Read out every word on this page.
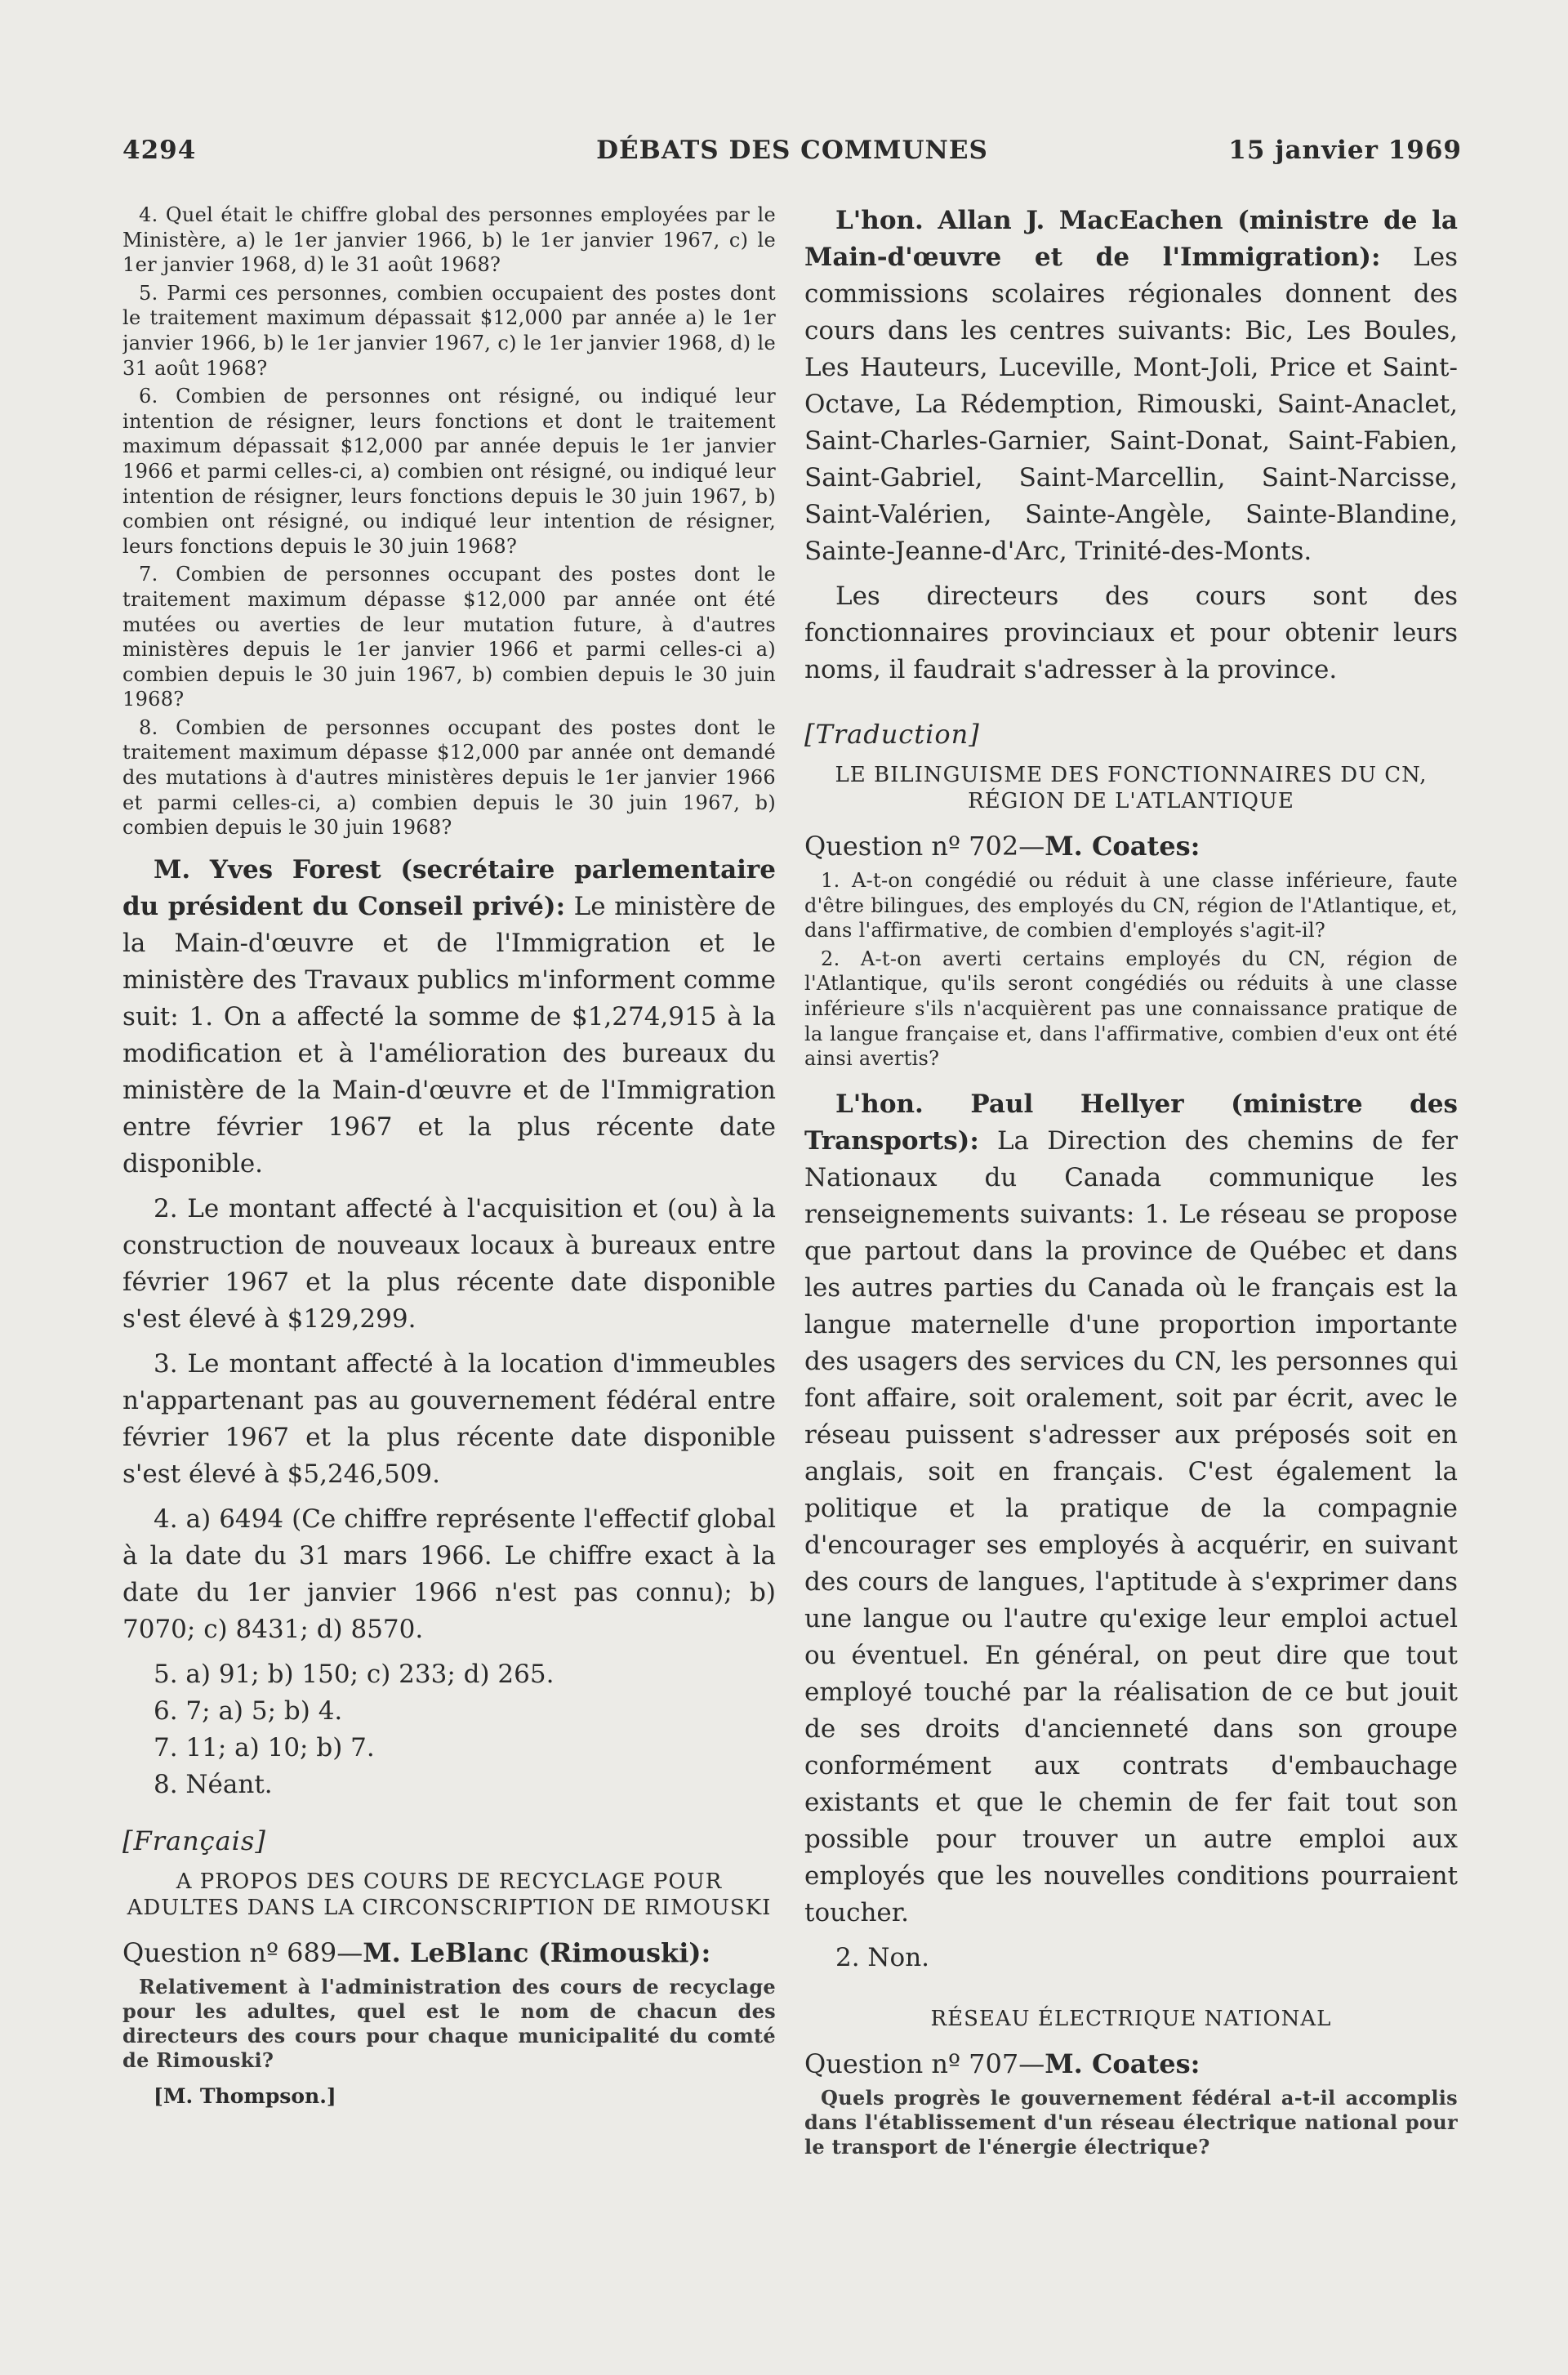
4294	DÉBATS DES COMMUNES	15 janvier 1969

4. Quel était le chiffre global des personnes employées par le Ministère, a) le 1er janvier 1966, b) le 1er janvier 1967, c) le 1er janvier 1968, d) le 31 août 1968?

5. Parmi ces personnes, combien occupaient des postes dont le traitement maximum dépassait $12,000 par année a) le 1er janvier 1966, b) le 1er janvier 1967, c) le 1er janvier 1968, d) le 31 août 1968?

6. Combien de personnes ont résigné, ou indiqué leur intention de résigner, leurs fonctions et dont le traitement maximum dépassait $12,000 par année depuis le 1er janvier 1966 et parmi celles-ci, a) combien ont résigné, ou indiqué leur intention de résigner, leurs fonctions depuis le 30 juin 1967, b) combien ont résigné, ou indiqué leur intention de résigner, leurs fonctions depuis le 30 juin 1968?

7. Combien de personnes occupant des postes dont le traitement maximum dépasse $12,000 par année ont été mutées ou averties de leur mutation future, à d'autres ministères depuis le 1er janvier 1966 et parmi celles-ci a) combien depuis le 30 juin 1967, b) combien depuis le 30 juin 1968?

8. Combien de personnes occupant des postes dont le traitement maximum dépasse $12,000 par année ont demandé des mutations à d'autres ministères depuis le 1er janvier 1966 et parmi celles-ci, a) combien depuis le 30 juin 1967, b) combien depuis le 30 juin 1968?

M. Yves Forest (secrétaire parlementaire du président du Conseil privé): Le ministère de la Main-d'œuvre et de l'Immigration et le ministère des Travaux publics m'informent comme suit: 1. On a affecté la somme de $1,274,915 à la modification et à l'amélioration des bureaux du ministère de la Main-d'œuvre et de l'Immigration entre février 1967 et la plus récente date disponible.

2. Le montant affecté à l'acquisition et (ou) à la construction de nouveaux locaux à bureaux entre février 1967 et la plus récente date disponible s'est élevé à $129,299.

3. Le montant affecté à la location d'immeubles n'appartenant pas au gouvernement fédéral entre février 1967 et la plus récente date disponible s'est élevé à $5,246,509.

4. a) 6494 (Ce chiffre représente l'effectif global à la date du 31 mars 1966. Le chiffre exact à la date du 1er janvier 1966 n'est pas connu); b) 7070; c) 8431; d) 8570.

5. a) 91; b) 150; c) 233; d) 265.

6. 7; a) 5; b) 4.

7. 11; a) 10; b) 7.

8. Néant.

[Français]

A PROPOS DES COURS DE RECYCLAGE POUR ADULTES DANS LA CIRCONSCRIPTION DE RIMOUSKI

Question nº 689—M. LeBlanc (Rimouski):

Relativement à l'administration des cours de recyclage pour les adultes, quel est le nom de chacun des directeurs des cours pour chaque municipalité du comté de Rimouski?

[M. Thompson.]

L'hon. Allan J. MacEachen (ministre de la Main-d'œuvre et de l'Immigration): Les commissions scolaires régionales donnent des cours dans les centres suivants: Bic, Les Boules, Les Hauteurs, Luceville, Mont-Joli, Price et Saint-Octave, La Rédemption, Rimouski, Saint-Anaclet, Saint-Charles-Garnier, Saint-Donat, Saint-Fabien, Saint-Gabriel, Saint-Marcellin, Saint-Narcisse, Saint-Valérien, Sainte-Angèle, Sainte-Blandine, Sainte-Jeanne-d'Arc, Trinité-des-Monts.

Les directeurs des cours sont des fonctionnaires provinciaux et pour obtenir leurs noms, il faudrait s'adresser à la province.

[Traduction]

LE BILINGUISME DES FONCTIONNAIRES DU CN, RÉGION DE L'ATLANTIQUE

Question nº 702—M. Coates:

1. A-t-on congédié ou réduit à une classe inférieure, faute d'être bilingues, des employés du CN, région de l'Atlantique, et, dans l'affirmative, de combien d'employés s'agit-il?

2. A-t-on averti certains employés du CN, région de l'Atlantique, qu'ils seront congédiés ou réduits à une classe inférieure s'ils n'acquièrent pas une connaissance pratique de la langue française et, dans l'affirmative, combien d'eux ont été ainsi avertis?

L'hon. Paul Hellyer (ministre des Transports): La Direction des chemins de fer Nationaux du Canada communique les renseignements suivants: 1. Le réseau se propose que partout dans la province de Québec et dans les autres parties du Canada où le français est la langue maternelle d'une proportion importante des usagers des services du CN, les personnes qui font affaire, soit oralement, soit par écrit, avec le réseau puissent s'adresser aux préposés soit en anglais, soit en français. C'est également la politique et la pratique de la compagnie d'encourager ses employés à acquérir, en suivant des cours de langues, l'aptitude à s'exprimer dans une langue ou l'autre qu'exige leur emploi actuel ou éventuel. En général, on peut dire que tout employé touché par la réalisation de ce but jouit de ses droits d'ancienneté dans son groupe conformément aux contrats d'embauchage existants et que le chemin de fer fait tout son possible pour trouver un autre emploi aux employés que les nouvelles conditions pourraient toucher.

2. Non.

RÉSEAU ÉLECTRIQUE NATIONAL

Question nº 707—M. Coates:

Quels progrès le gouvernement fédéral a-t-il accomplis dans l'établissement d'un réseau électrique national pour le transport de l'énergie électrique?
